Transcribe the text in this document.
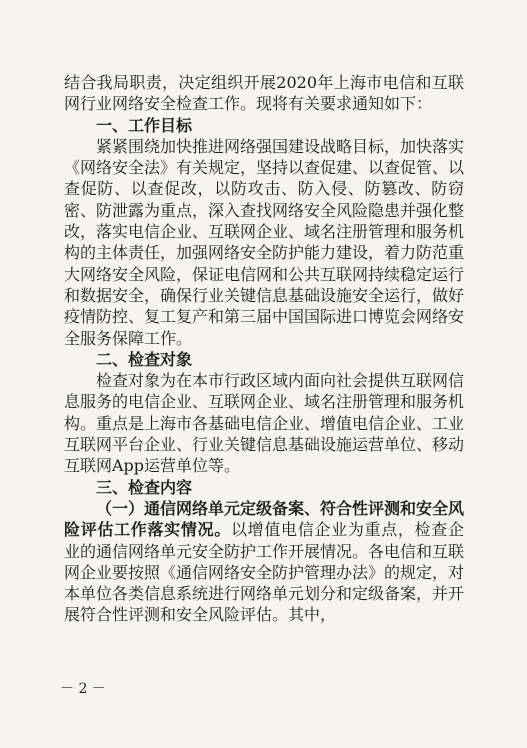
结合我局职责，决定组织开展2020年上海市电信和互联网行业网络安全检查工作。现将有关要求通知如下：

一、工作目标

紧紧围绕加快推进网络强国建设战略目标，加快落实《网络安全法》有关规定，坚持以查促建、以查促管、以查促防、以查促改，以防攻击、防入侵、防篡改、防窃密、防泄露为重点，深入查找网络安全风险隐患并强化整改，落实电信企业、互联网企业、域名注册管理和服务机构的主体责任，加强网络安全防护能力建设，着力防范重大网络安全风险，保证电信网和公共互联网持续稳定运行和数据安全，确保行业关键信息基础设施安全运行，做好疫情防控、复工复产和第三届中国国际进口博览会网络安全服务保障工作。

二、检查对象

检查对象为在本市行政区域内面向社会提供互联网信息服务的电信企业、互联网企业、域名注册管理和服务机构。重点是上海市各基础电信企业、增值电信企业、工业互联网平台企业、行业关键信息基础设施运营单位、移动互联网App运营单位等。

三、检查内容

（一）通信网络单元定级备案、符合性评测和安全风险评估工作落实情况。以增值电信企业为重点，检查企业的通信网络单元安全防护工作开展情况。各电信和互联网企业要按照《通信网络安全防护管理办法》的规定，对本单位各类信息系统进行网络单元划分和定级备案，并开展符合性评测和安全风险评估。其中，

－ 2 －
